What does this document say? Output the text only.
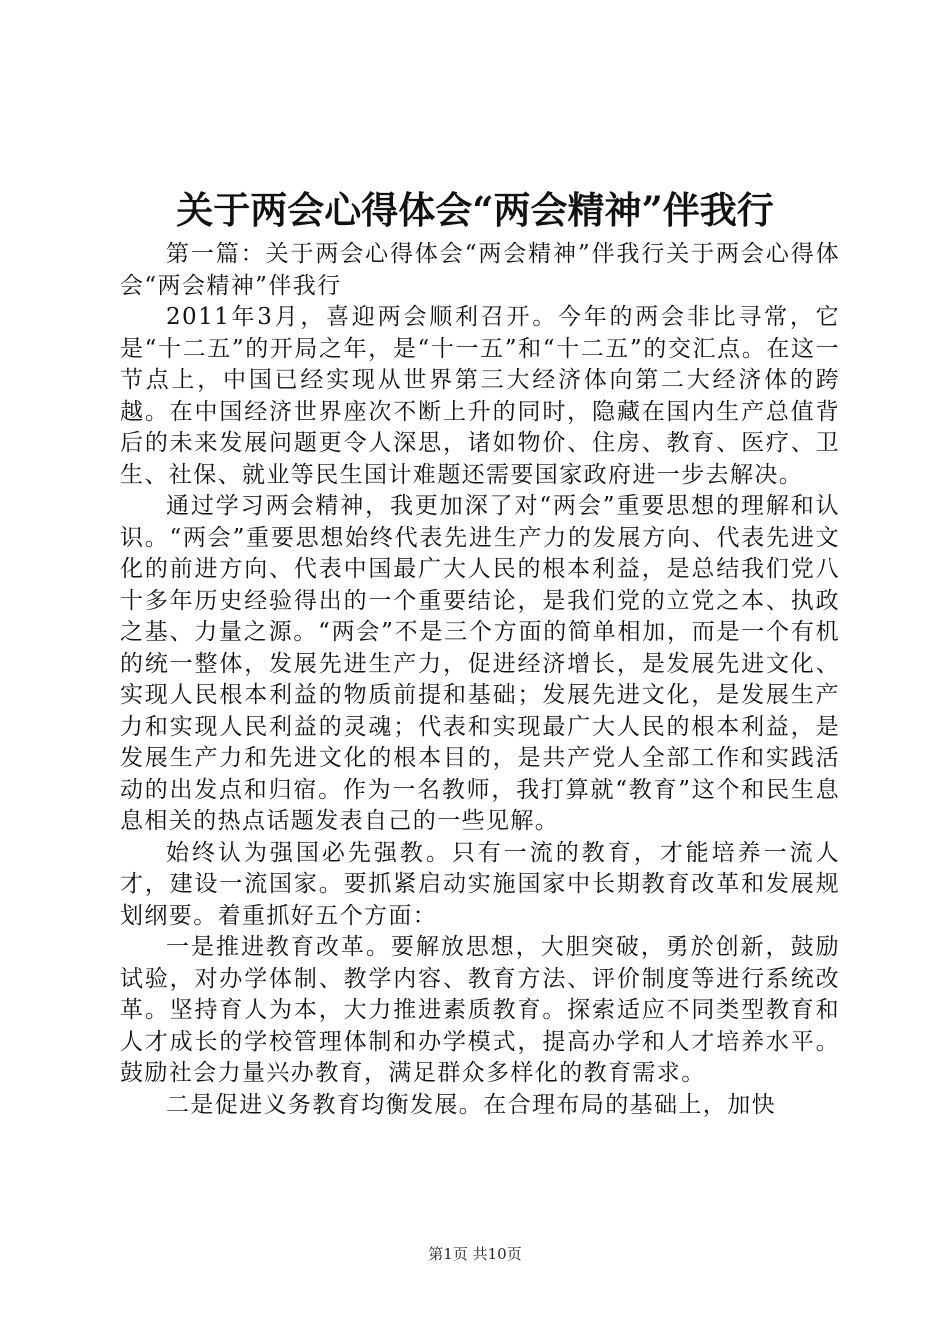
关于两会心得体会“两会精神”伴我行

第一篇：关于两会心得体会“两会精神”伴我行关于两会心得体会“两会精神”伴我行

2011年3月，喜迎两会顺利召开。今年的两会非比寻常，它是“十二五”的开局之年，是“十一五”和“十二五”的交汇点。在这一节点上，中国已经实现从世界第三大经济体向第二大经济体的跨越。在中国经济世界座次不断上升的同时，隐藏在国内生产总值背后的未来发展问题更令人深思，诸如物价、住房、教育、医疗、卫生、社保、就业等民生国计难题还需要国家政府进一步去解决。

通过学习两会精神，我更加深了对“两会”重要思想的理解和认识。“两会”重要思想始终代表先进生产力的发展方向、代表先进文化的前进方向、代表中国最广大人民的根本利益，是总结我们党八十多年历史经验得出的一个重要结论，是我们党的立党之本、执政之基、力量之源。“两会”不是三个方面的简单相加，而是一个有机的统一整体，发展先进生产力，促进经济增长，是发展先进文化、实现人民根本利益的物质前提和基础；发展先进文化，是发展生产力和实现人民利益的灵魂；代表和实现最广大人民的根本利益，是发展生产力和先进文化的根本目的，是共产党人全部工作和实践活动的出发点和归宿。作为一名教师，我打算就“教育”这个和民生息息相关的热点话题发表自己的一些见解。

始终认为强国必先强教。只有一流的教育，才能培养一流人才，建设一流国家。要抓紧启动实施国家中长期教育改革和发展规划纲要。着重抓好五个方面：

一是推进教育改革。要解放思想，大胆突破，勇於创新，鼓励试验，对办学体制、教学内容、教育方法、评价制度等进行系统改革。坚持育人为本，大力推进素质教育。探索适应不同类型教育和人才成长的学校管理体制和办学模式，提高办学和人才培养水平。鼓励社会力量兴办教育，满足群众多样化的教育需求。

二是促进义务教育均衡发展。在合理布局的基础上，加快

第1页 共10页
